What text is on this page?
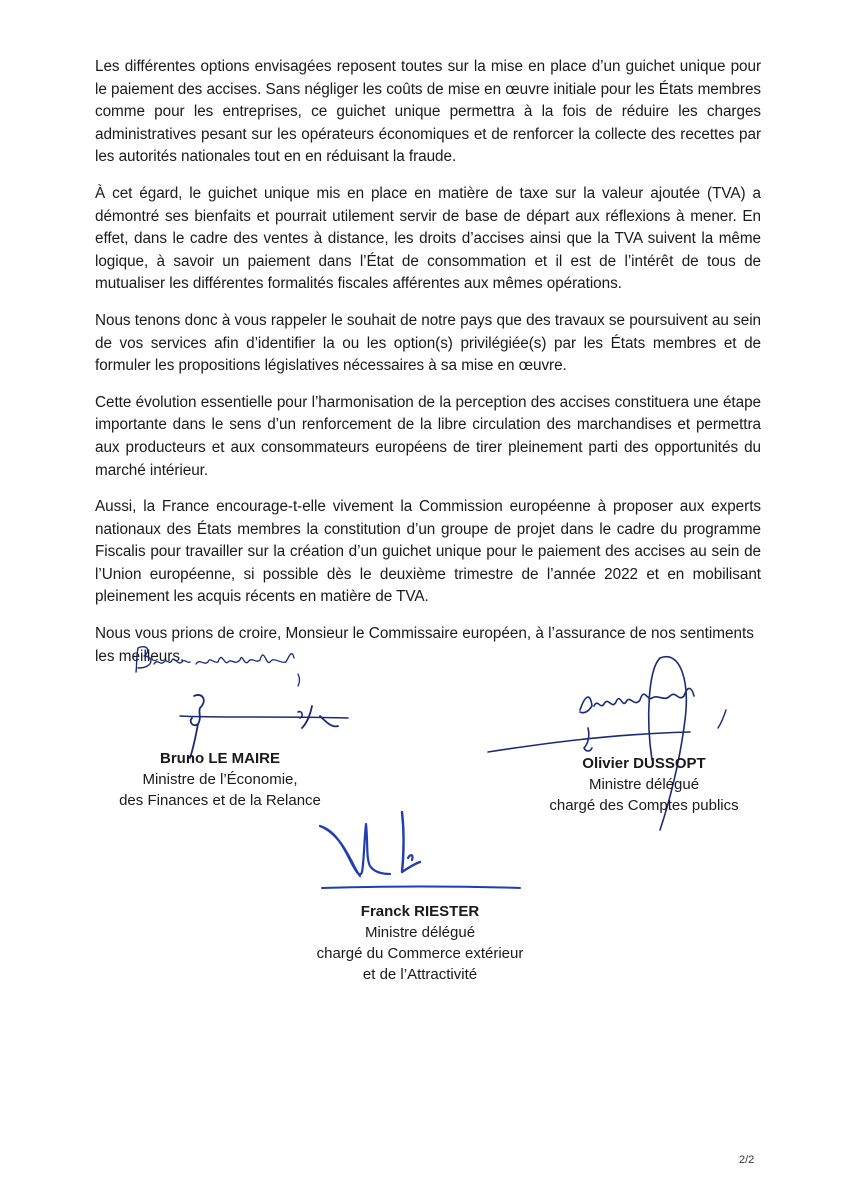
Les différentes options envisagées reposent toutes sur la mise en place d’un guichet unique pour le paiement des accises. Sans négliger les coûts de mise en œuvre initiale pour les États membres comme pour les entreprises, ce guichet unique permettra à la fois de réduire les charges administratives pesant sur les opérateurs économiques et de renforcer la collecte des recettes par les autorités nationales tout en en réduisant la fraude.

À cet égard, le guichet unique mis en place en matière de taxe sur la valeur ajoutée (TVA) a démontré ses bienfaits et pourrait utilement servir de base de départ aux réflexions à mener. En effet, dans le cadre des ventes à distance, les droits d’accises ainsi que la TVA suivent la même logique, à savoir un paiement dans l’État de consommation et il est de l’intérêt de tous de mutualiser les différentes formalités fiscales afférentes aux mêmes opérations.

Nous tenons donc à vous rappeler le souhait de notre pays que des travaux se poursuivent au sein de vos services afin d’identifier la ou les option(s) privilégiée(s) par les États membres et de formuler les propositions législatives nécessaires à sa mise en œuvre.

Cette évolution essentielle pour l’harmonisation de la perception des accises constituera une étape importante dans le sens d’un renforcement de la libre circulation des marchandises et permettra aux producteurs et aux consommateurs européens de tirer pleinement parti des opportunités du marché intérieur.

Aussi, la France encourage-t-elle vivement la Commission européenne à proposer aux experts nationaux des États membres la constitution d’un groupe de projet dans le cadre du programme Fiscalis pour travailler sur la création d’un guichet unique pour le paiement des accises au sein de l’Union européenne, si possible dès le deuxième trimestre de l’année 2022 et en mobilisant pleinement les acquis récents en matière de TVA.

Nous vous prions de croire, Monsieur le Commissaire européen, à l’assurance de nos sentiments les meilleurs.

Bruno LE MAIRE
Ministre de l’Économie,
des Finances et de la Relance
Olivier DUSSOPT
Ministre délégué
chargé des Comptes publics
Franck RIESTER
Ministre délégué
chargé du Commerce extérieur
et de l’Attractivité
2/2
